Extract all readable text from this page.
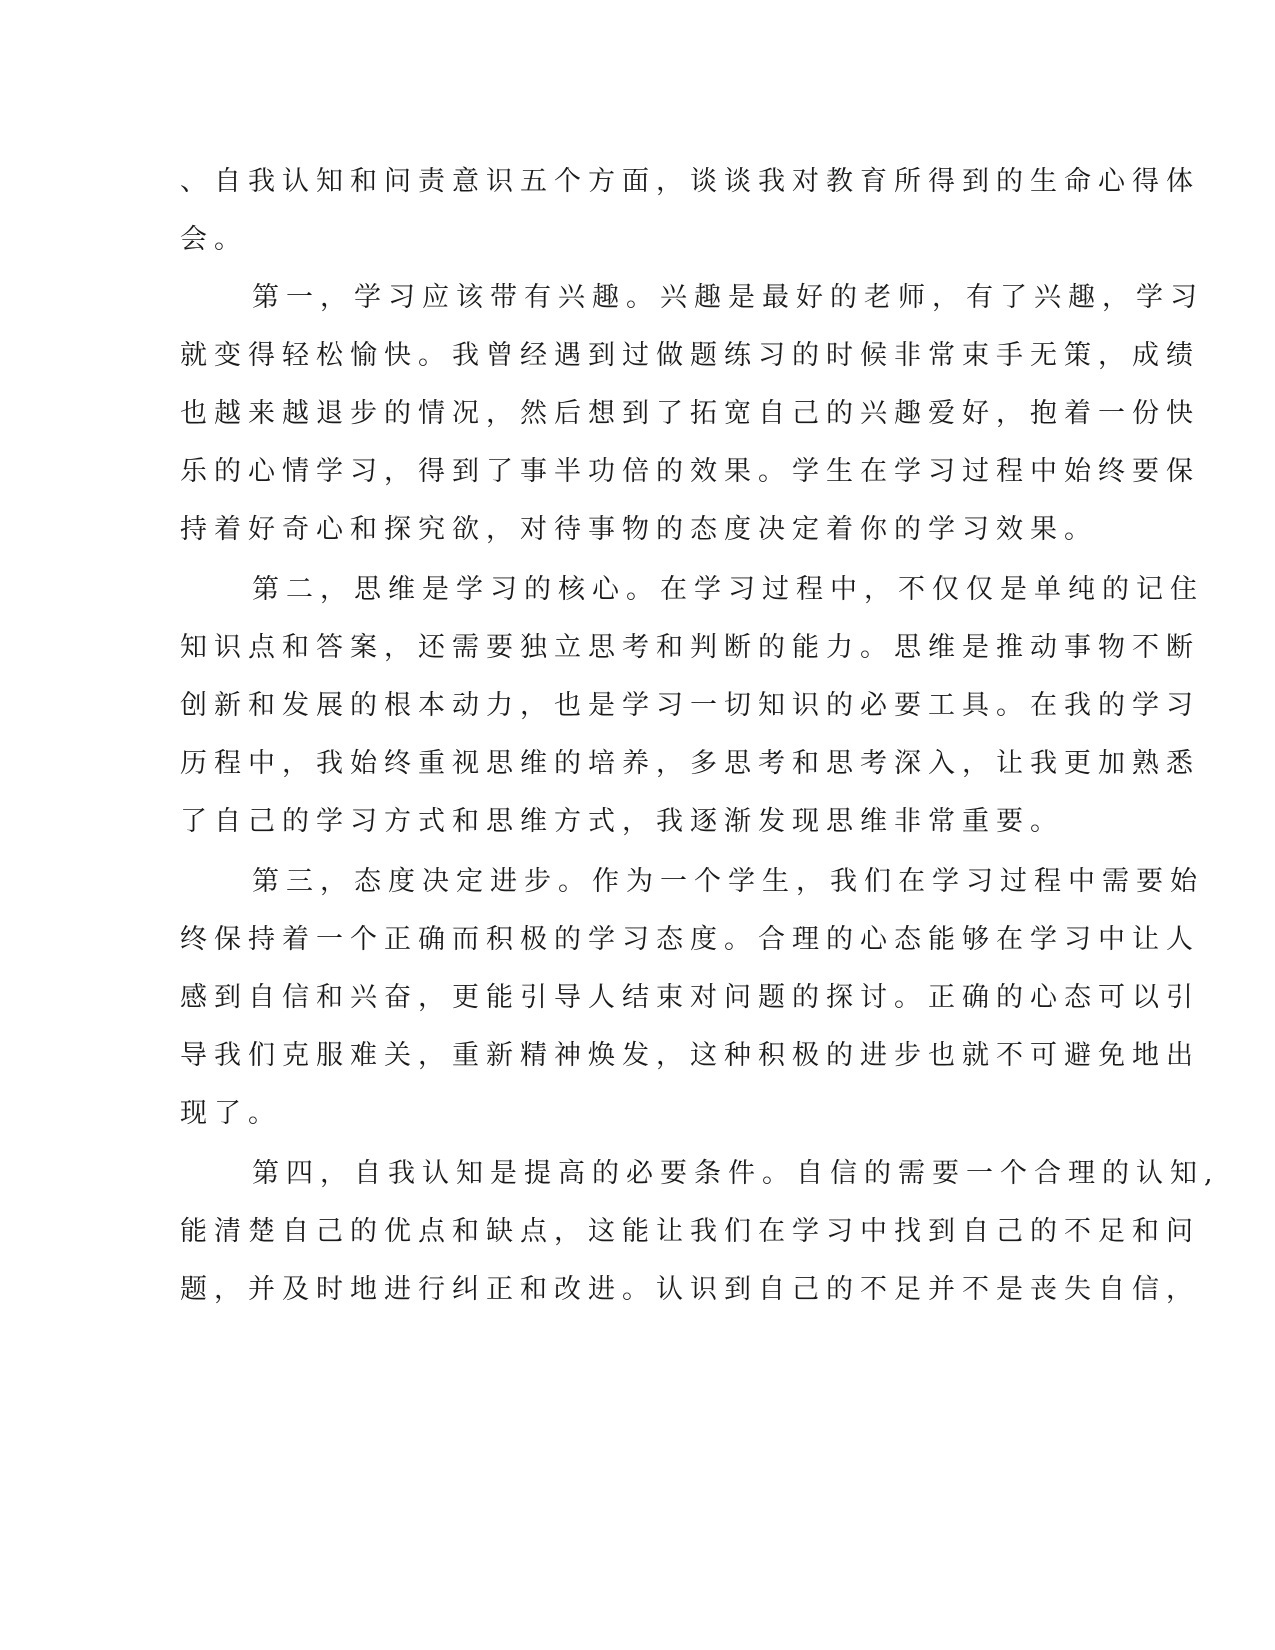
、自我认知和问责意识五个方面，谈谈我对教育所得到的生命心得体
会。
第一，学习应该带有兴趣。兴趣是最好的老师，有了兴趣，学习
就变得轻松愉快。我曾经遇到过做题练习的时候非常束手无策，成绩
也越来越退步的情况，然后想到了拓宽自己的兴趣爱好，抱着一份快
乐的心情学习，得到了事半功倍的效果。学生在学习过程中始终要保
持着好奇心和探究欲，对待事物的态度决定着你的学习效果。
第二，思维是学习的核心。在学习过程中，不仅仅是单纯的记住
知识点和答案，还需要独立思考和判断的能力。思维是推动事物不断
创新和发展的根本动力，也是学习一切知识的必要工具。在我的学习
历程中，我始终重视思维的培养，多思考和思考深入，让我更加熟悉
了自己的学习方式和思维方式，我逐渐发现思维非常重要。
第三，态度决定进步。作为一个学生，我们在学习过程中需要始
终保持着一个正确而积极的学习态度。合理的心态能够在学习中让人
感到自信和兴奋，更能引导人结束对问题的探讨。正确的心态可以引
导我们克服难关，重新精神焕发，这种积极的进步也就不可避免地出
现了。
第四，自我认知是提高的必要条件。自信的需要一个合理的认知,
能清楚自己的优点和缺点，这能让我们在学习中找到自己的不足和问
题，并及时地进行纠正和改进。认识到自己的不足并不是丧失自信，
